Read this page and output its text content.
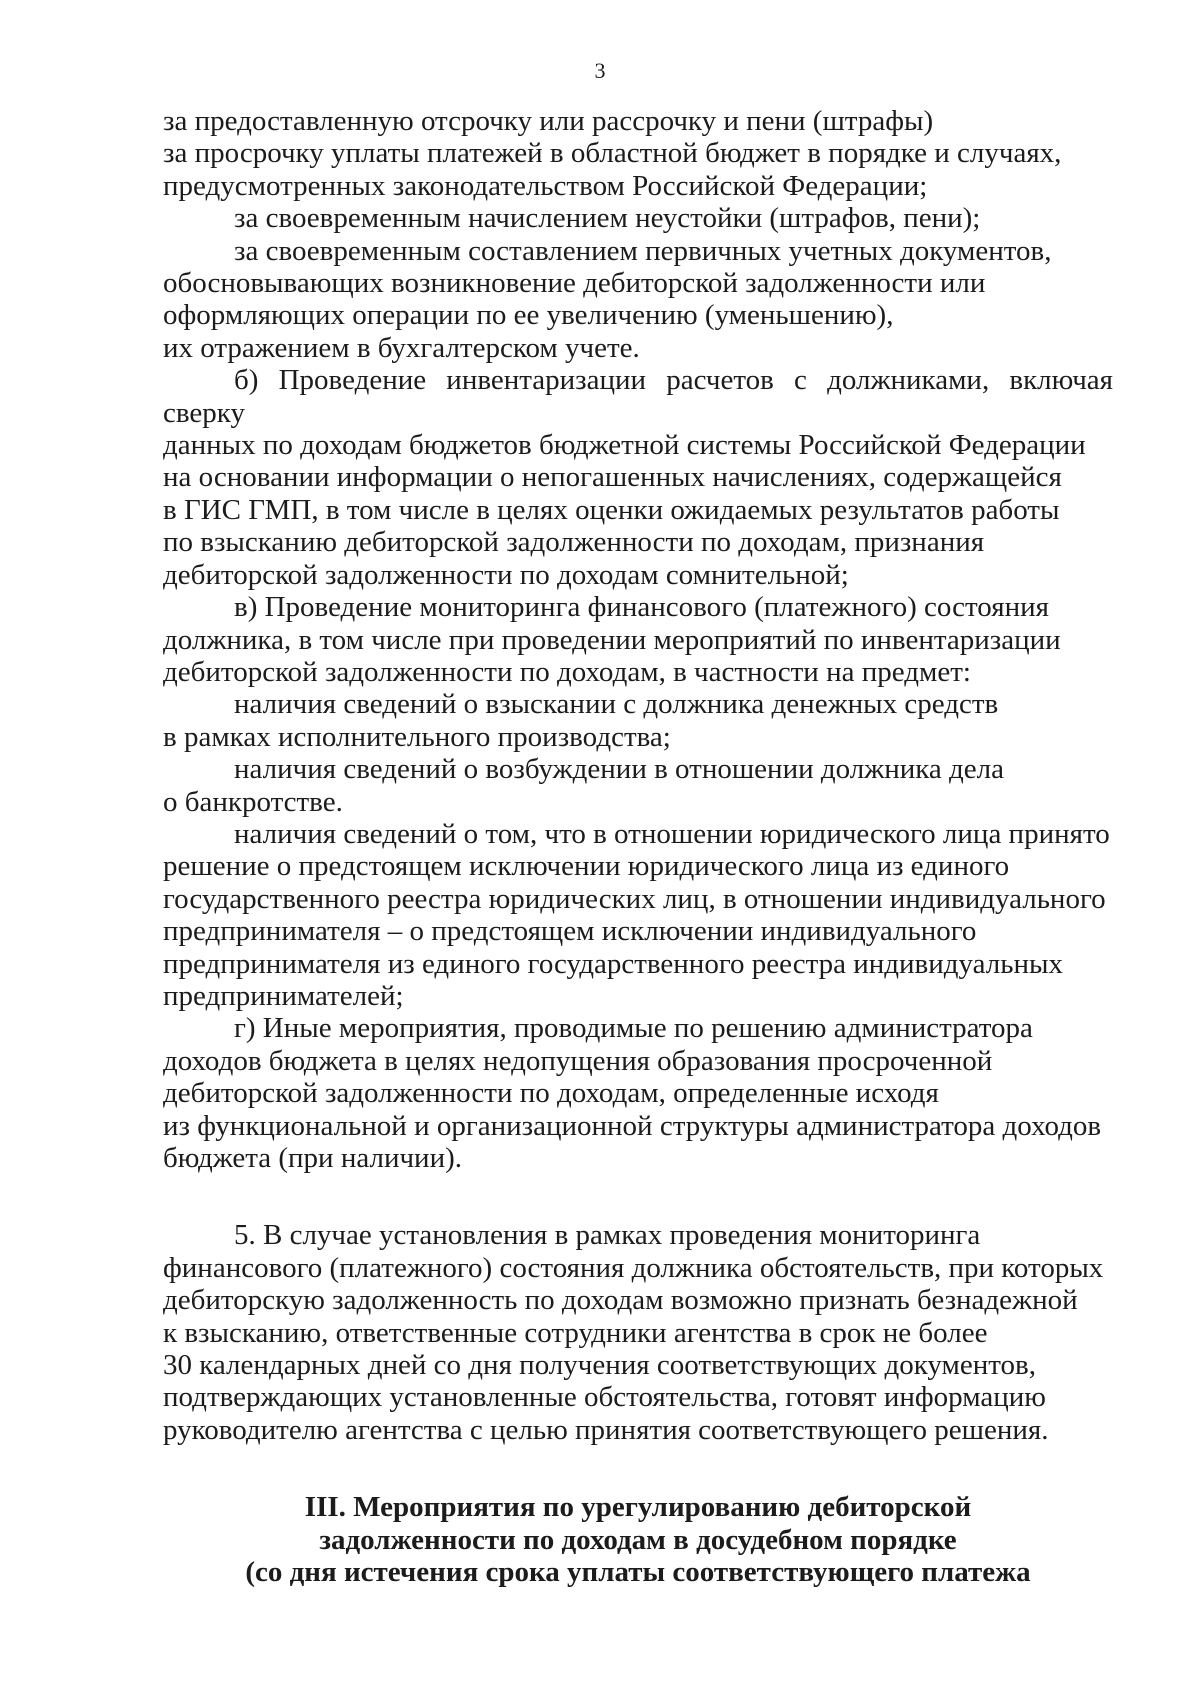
3

за предоставленную отсрочку или рассрочку и пени (штрафы)
за просрочку уплаты платежей в областной бюджет в порядке и случаях,
предусмотренных законодательством Российской Федерации;

за своевременным начислением неустойки (штрафов, пени);

за своевременным составлением первичных учетных документов,
обосновывающих возникновение дебиторской задолженности или
оформляющих операции по ее увеличению (уменьшению),
их отражением в бухгалтерском учете.

б) Проведение инвентаризации расчетов с должниками, включая сверку
данных по доходам бюджетов бюджетной системы Российской Федерации
на основании информации о непогашенных начислениях, содержащейся
в ГИС ГМП, в том числе в целях оценки ожидаемых результатов работы
по взысканию дебиторской задолженности по доходам, признания
дебиторской задолженности по доходам сомнительной;

в) Проведение мониторинга финансового (платежного) состояния
должника, в том числе при проведении мероприятий по инвентаризации
дебиторской задолженности по доходам, в частности на предмет:

наличия сведений о взыскании с должника денежных средств
в рамках исполнительного производства;

наличия сведений о возбуждении в отношении должника дела
о банкротстве.

наличия сведений о том, что в отношении юридического лица принято
решение о предстоящем исключении юридического лица из единого
государственного реестра юридических лиц, в отношении индивидуального
предпринимателя – о предстоящем исключении индивидуального
предпринимателя из единого государственного реестра индивидуальных
предпринимателей;

г) Иные мероприятия, проводимые по решению администратора
доходов бюджета в целях недопущения образования просроченной
дебиторской задолженности по доходам, определенные исходя
из функциональной и организационной структуры администратора доходов
бюджета (при наличии).

5. В случае установления в рамках проведения мониторинга
финансового (платежного) состояния должника обстоятельств, при которых
дебиторскую задолженность по доходам возможно признать безнадежной
к взысканию, ответственные сотрудники агентства в срок не более
30 календарных дней со дня получения соответствующих документов,
подтверждающих установленные обстоятельства, готовят информацию
руководителю агентства с целью принятия соответствующего решения.

III. Мероприятия по урегулированию дебиторской
задолженности по доходам в досудебном порядке
(со дня истечения срока уплаты соответствующего платежа
